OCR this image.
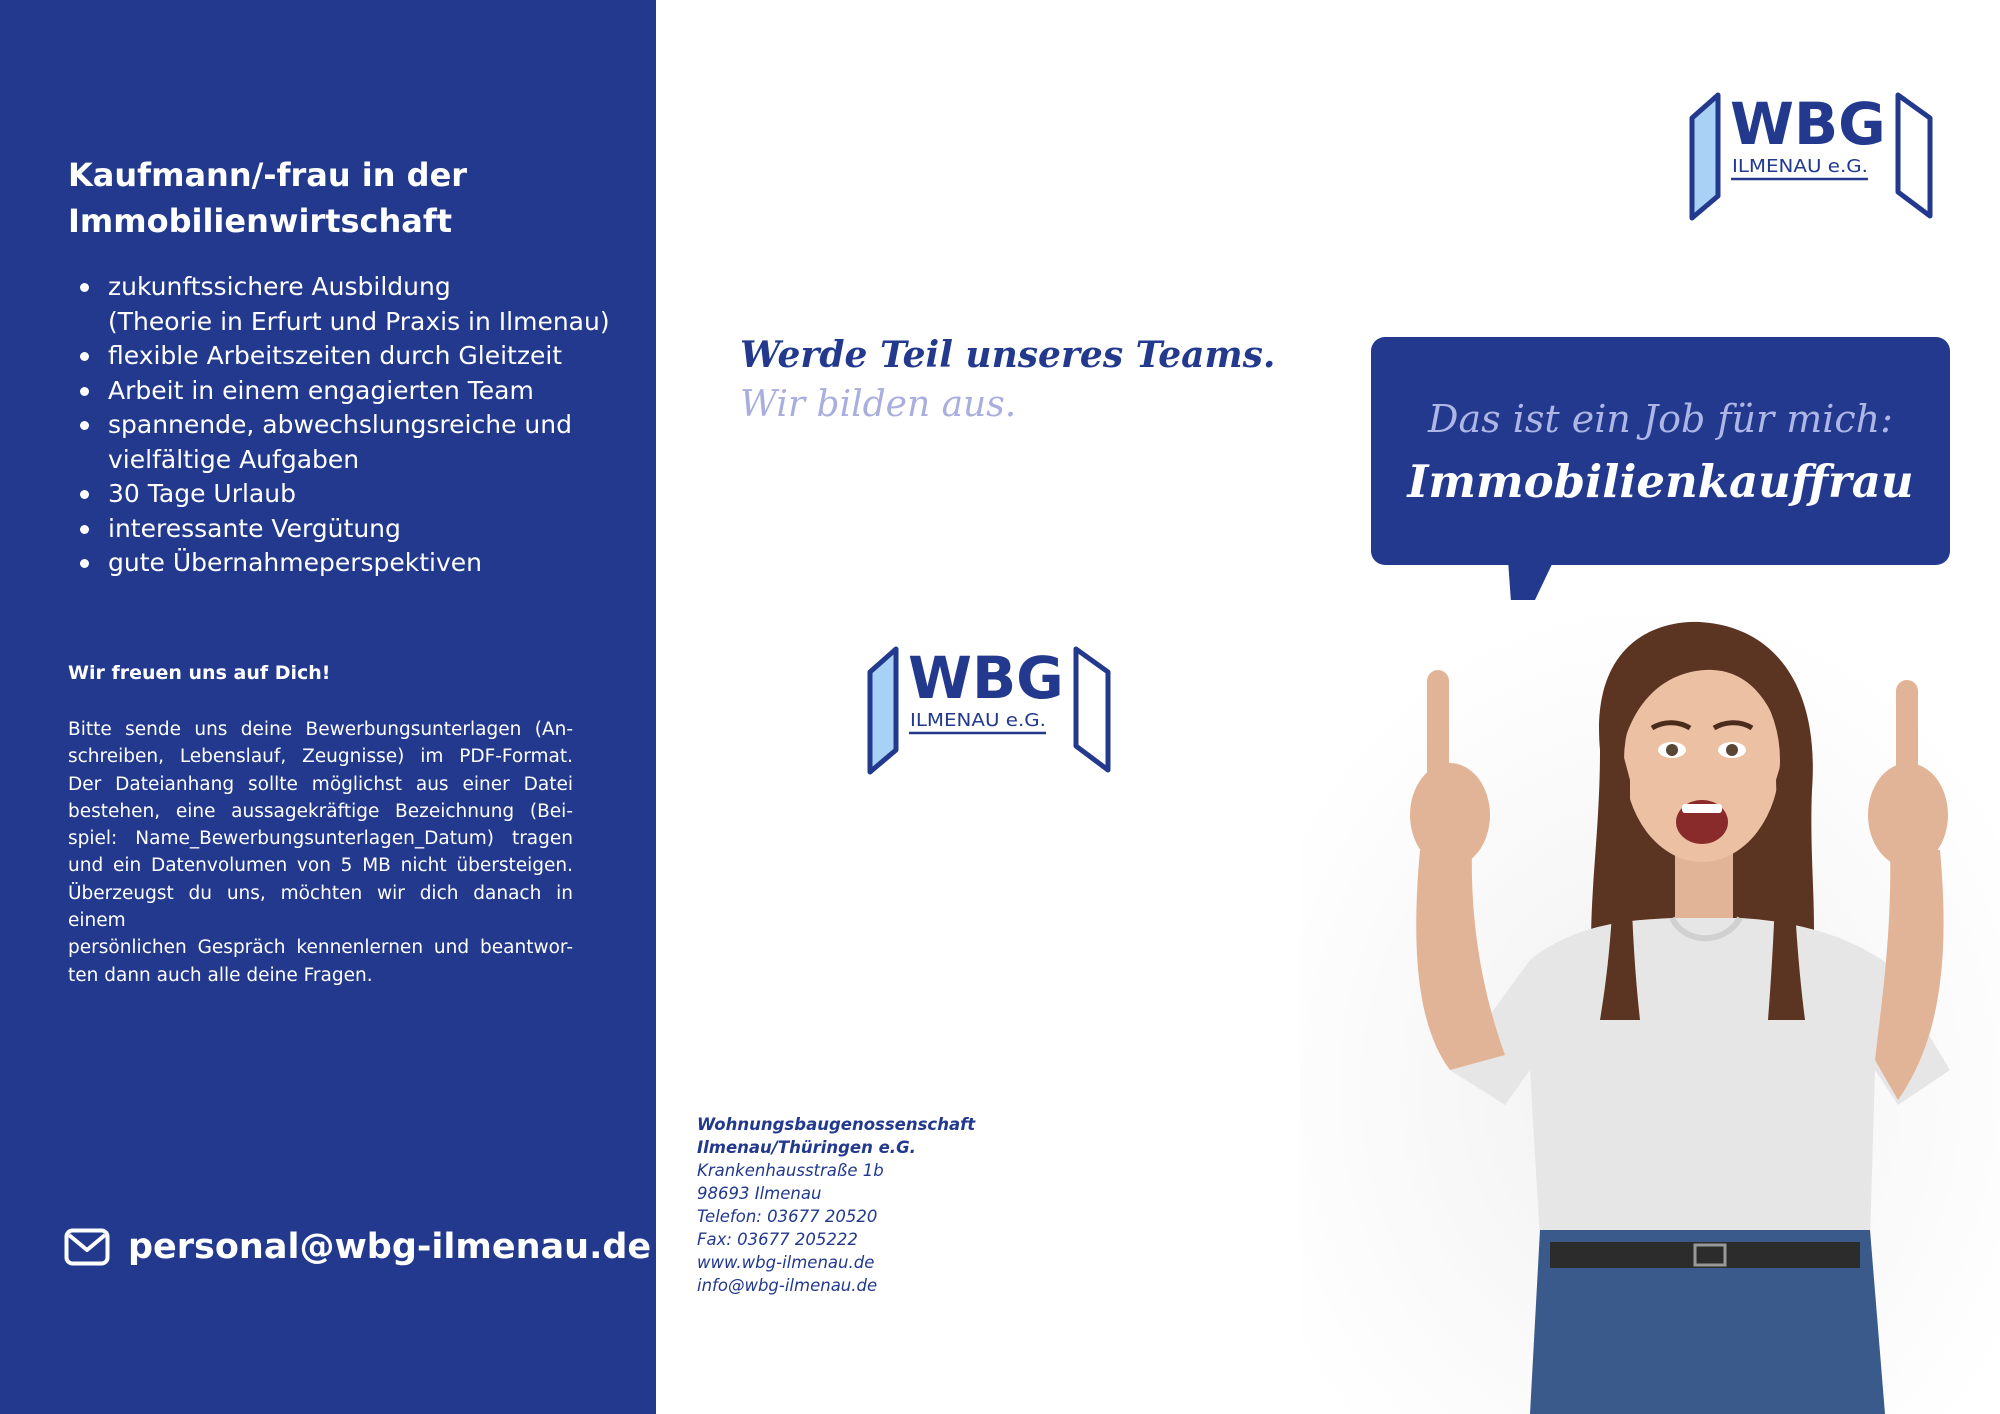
Kaufmann/-frau in der
Immobilienwirtschaft
zukunftssichere Ausbildung
(Theorie in Erfurt und Praxis in Ilmenau)
flexible Arbeitszeiten durch Gleitzeit
Arbeit in einem engagierten Team
spannende, abwechslungsreiche und
vielfältige Aufgaben
30 Tage Urlaub
interessante Vergütung
gute Übernahmeperspektiven

Wir freuen uns auf Dich!

Bitte sende uns deine Bewerbungsunterlagen (An-
schreiben, Lebenslauf, Zeugnisse) im PDF-Format.
Der Dateianhang sollte möglichst aus einer Datei
bestehen, eine aussagekräftige Bezeichnung (Bei-
spiel: Name_Bewerbungsunterlagen_Datum) tragen
und ein Datenvolumen von 5 MB nicht übersteigen.
Überzeugst du uns, möchten wir dich danach in einem
persönlichen Gespräch kennenlernen und beantwor-
ten dann auch alle deine Fragen.

personal@wbg-ilmenau.de
WBG
ILMENAU e.G.
WBG
ILMENAU e.G.
Werde Teil unseres Teams.
Wir bilden aus.
Wohnungsbaugenossenschaft
Ilmenau/Thüringen e.G.
Krankenhausstraße 1b
98693 Ilmenau
Telefon: 03677 20520
Fax: 03677 205222
www.wbg-ilmenau.de
info@wbg-ilmenau.de
Das ist ein Job für mich:
Immobilienkauffrau
